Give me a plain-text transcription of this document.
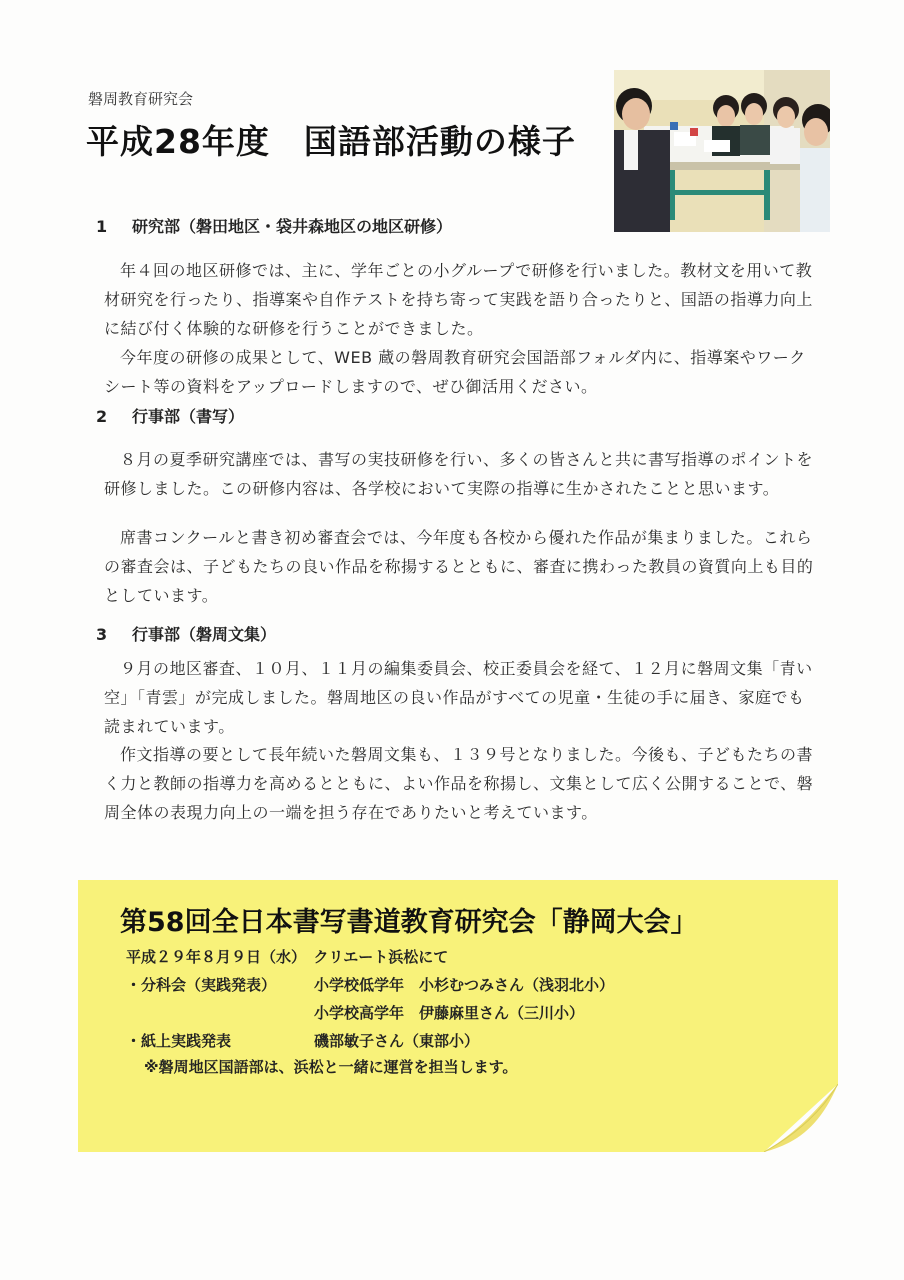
磐周教育研究会
平成28年度　国語部活動の様子
1 研究部（磐田地区・袋井森地区の地区研修）

年４回の地区研修では、主に、学年ごとの小グループで研修を行いました。教材文を用いて教材研究を行ったり、指導案や自作テストを持ち寄って実践を語り合ったりと、国語の指導力向上に結び付く体験的な研修を行うことができました。

今年度の研修の成果として、WEB 蔵の磐周教育研究会国語部フォルダ内に、指導案やワークシート等の資料をアップロードしますので、ぜひ御活用ください。

2 行事部（書写）

８月の夏季研究講座では、書写の実技研修を行い、多くの皆さんと共に書写指導のポイントを研修しました。この研修内容は、各学校において実際の指導に生かされたことと思います。

席書コンクールと書き初め審査会では、今年度も各校から優れた作品が集まりました。これらの審査会は、子どもたちの良い作品を称揚するとともに、審査に携わった教員の資質向上も目的としています。

3 行事部（磐周文集）

９月の地区審査、１０月、１１月の編集委員会、校正委員会を経て、１２月に磐周文集「青い空」「青雲」が完成しました。磐周地区の良い作品がすべての児童・生徒の手に届き、家庭でも読まれています。

作文指導の要として長年続いた磐周文集も、１３９号となりました。今後も、子どもたちの書く力と教師の指導力を高めるとともに、よい作品を称揚し、文集として広く公開することで、磐周全体の表現力向上の一端を担う存在でありたいと考えています。

第58回全日本書写書道教育研究会「静岡大会」
平成２９年８月９日（水）　クリエート浜松にて
・分科会（実践発表）	小学校低学年　小杉むつみさん（浅羽北小）
小学校高学年　伊藤麻里さん（三川小）
・紙上実践発表	磯部敏子さん（東部小）
※磐周地区国語部は、浜松と一緒に運営を担当します。
